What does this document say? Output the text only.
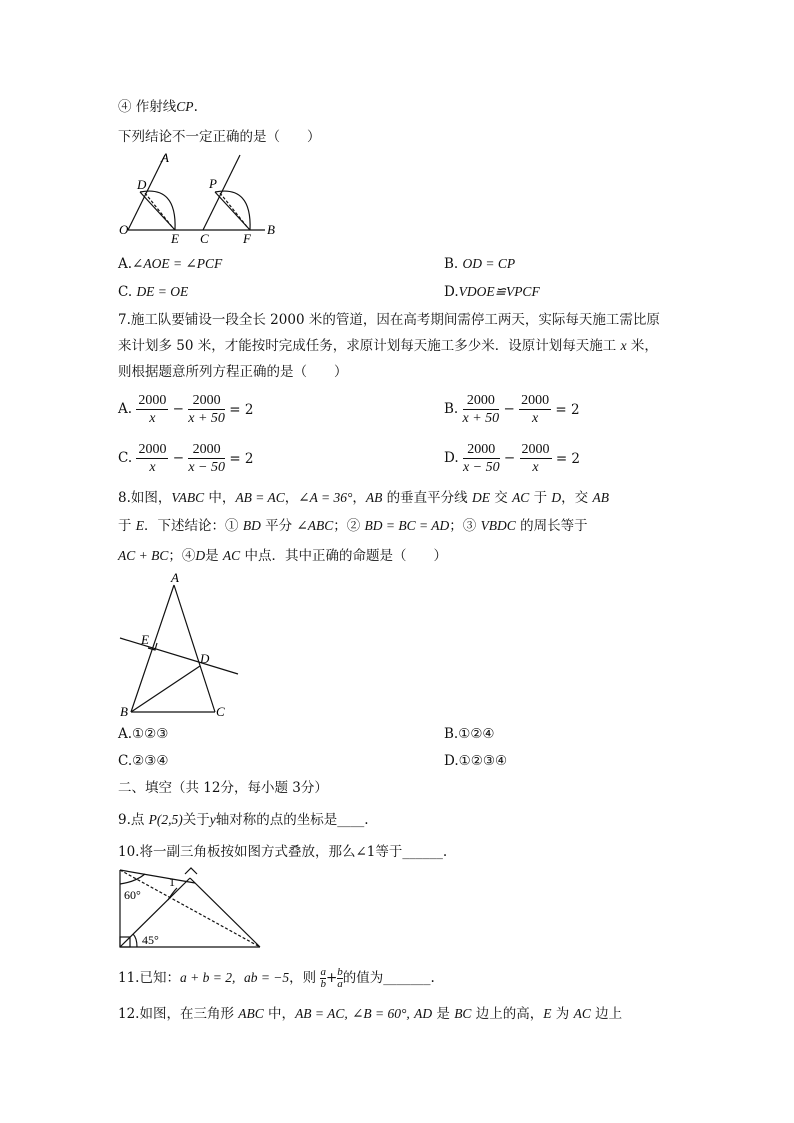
④ 作射线CP.
下列结论不一定正确的是（　　）
A
D
O
E
P
C	F
B
A.∠AOE = ∠PCF	B. OD = CP
C. DE = OE	D.VDOE≌VPCF
7.施工队要铺设一段全长 2000 米的管道，因在高考期间需停工两天，实际每天施工需比原
来计划多 50 米，才能按时完成任务，求原计划每天施工多少米．设原计划每天施工 x 米，
则根据题意所列方程正确的是（　　）
A. $\frac{2000}{x} - \frac{2000}{x + 50} = 2$	B. $\frac{2000}{x + 50} - \frac{2000}{x} = 2$
C. $\frac{2000}{x} - \frac{2000}{x - 50} = 2$	D. $\frac{2000}{x - 50} - \frac{2000}{x} = 2$
8.如图，VABC 中，AB = AC，∠A = 36°，AB 的垂直平分线 DE 交 AC 于 D，交 AB
于 E．下述结论：① BD 平分 ∠ABC；② BD = BC = AD；③ VBDC 的周长等于
AC + BC；④D是 AC 中点．其中正确的命题是（　　）
A
E
D
B	C
A.①②③	B.①②④
C.②③④	D.①②③④
二、填空（共 12分，每小题 3分）
9.点 P(2,5)关于y轴对称的点的坐标是____.
10.将一副三角板按如图方式叠放，那么∠1等于______.
60°
45°
1
11.已知：a + b = 2, ab = −5，则 $\frac{a}{b} + \frac{b}{a}$ 的值为_______.
12.如图，在三角形 ABC 中，AB = AC, ∠B = 60°, AD 是 BC 边上的高，E 为 AC 边上
